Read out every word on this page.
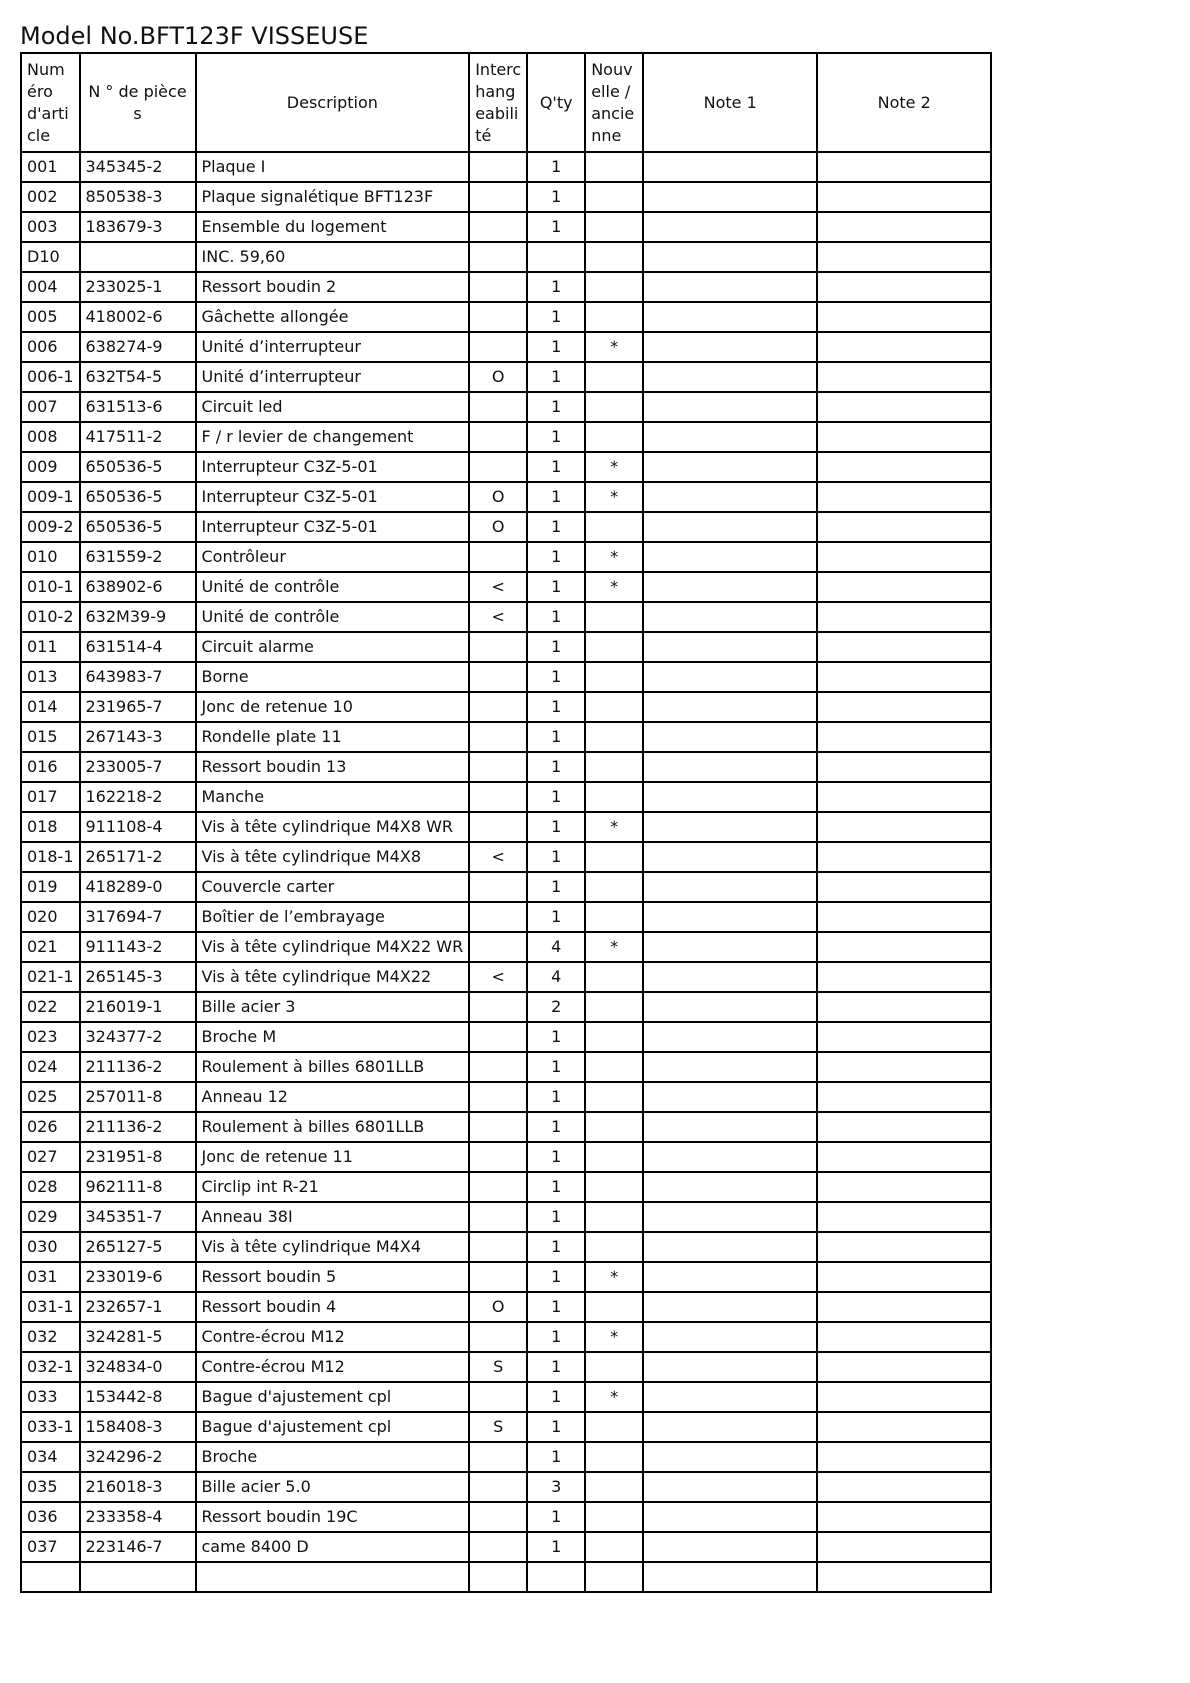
Model No.BFT123F VISSEUSE
Numéro d'article	N ° de pièces	Description	Interchangeabilité	Q'ty	Nouvelle / ancienne	Note 1	Note 2
001	345345-2	Plaque I		1			
002	850538-3	Plaque signalétique BFT123F		1			
003	183679-3	Ensemble du logement		1			
D10		INC. 59,60					
004	233025-1	Ressort boudin 2		1			
005	418002-6	Gâchette allongée		1			
006	638274-9	Unité d’interrupteur		1	*		
006-1	632T54-5	Unité d’interrupteur	O	1			
007	631513-6	Circuit led		1			
008	417511-2	F / r levier de changement		1			
009	650536-5	Interrupteur C3Z-5-01		1	*		
009-1	650536-5	Interrupteur C3Z-5-01	O	1	*		
009-2	650536-5	Interrupteur C3Z-5-01	O	1			
010	631559-2	Contrôleur		1	*		
010-1	638902-6	Unité de contrôle	<	1	*		
010-2	632M39-9	Unité de contrôle	<	1			
011	631514-4	Circuit alarme		1			
013	643983-7	Borne		1			
014	231965-7	Jonc de retenue 10		1			
015	267143-3	Rondelle plate 11		1			
016	233005-7	Ressort boudin 13		1			
017	162218-2	Manche		1			
018	911108-4	Vis à tête cylindrique M4X8 WR		1	*		
018-1	265171-2	Vis à tête cylindrique M4X8	<	1			
019	418289-0	Couvercle carter		1			
020	317694-7	Boîtier de l’embrayage		1			
021	911143-2	Vis à tête cylindrique M4X22 WR		4	*		
021-1	265145-3	Vis à tête cylindrique M4X22	<	4			
022	216019-1	Bille acier 3		2			
023	324377-2	Broche M		1			
024	211136-2	Roulement à billes 6801LLB		1			
025	257011-8	Anneau 12		1			
026	211136-2	Roulement à billes 6801LLB		1			
027	231951-8	Jonc de retenue 11		1			
028	962111-8	Circlip int R-21		1			
029	345351-7	Anneau 38I		1			
030	265127-5	Vis à tête cylindrique M4X4		1			
031	233019-6	Ressort boudin 5		1	*		
031-1	232657-1	Ressort boudin 4	O	1			
032	324281-5	Contre-écrou M12		1	*		
032-1	324834-0	Contre-écrou M12	S	1			
033	153442-8	Bague d'ajustement cpl		1	*		
033-1	158408-3	Bague d'ajustement cpl	S	1			
034	324296-2	Broche		1			
035	216018-3	Bille acier 5.0		3			
036	233358-4	Ressort boudin 19C		1			
037	223146-7	came 8400 D		1			
